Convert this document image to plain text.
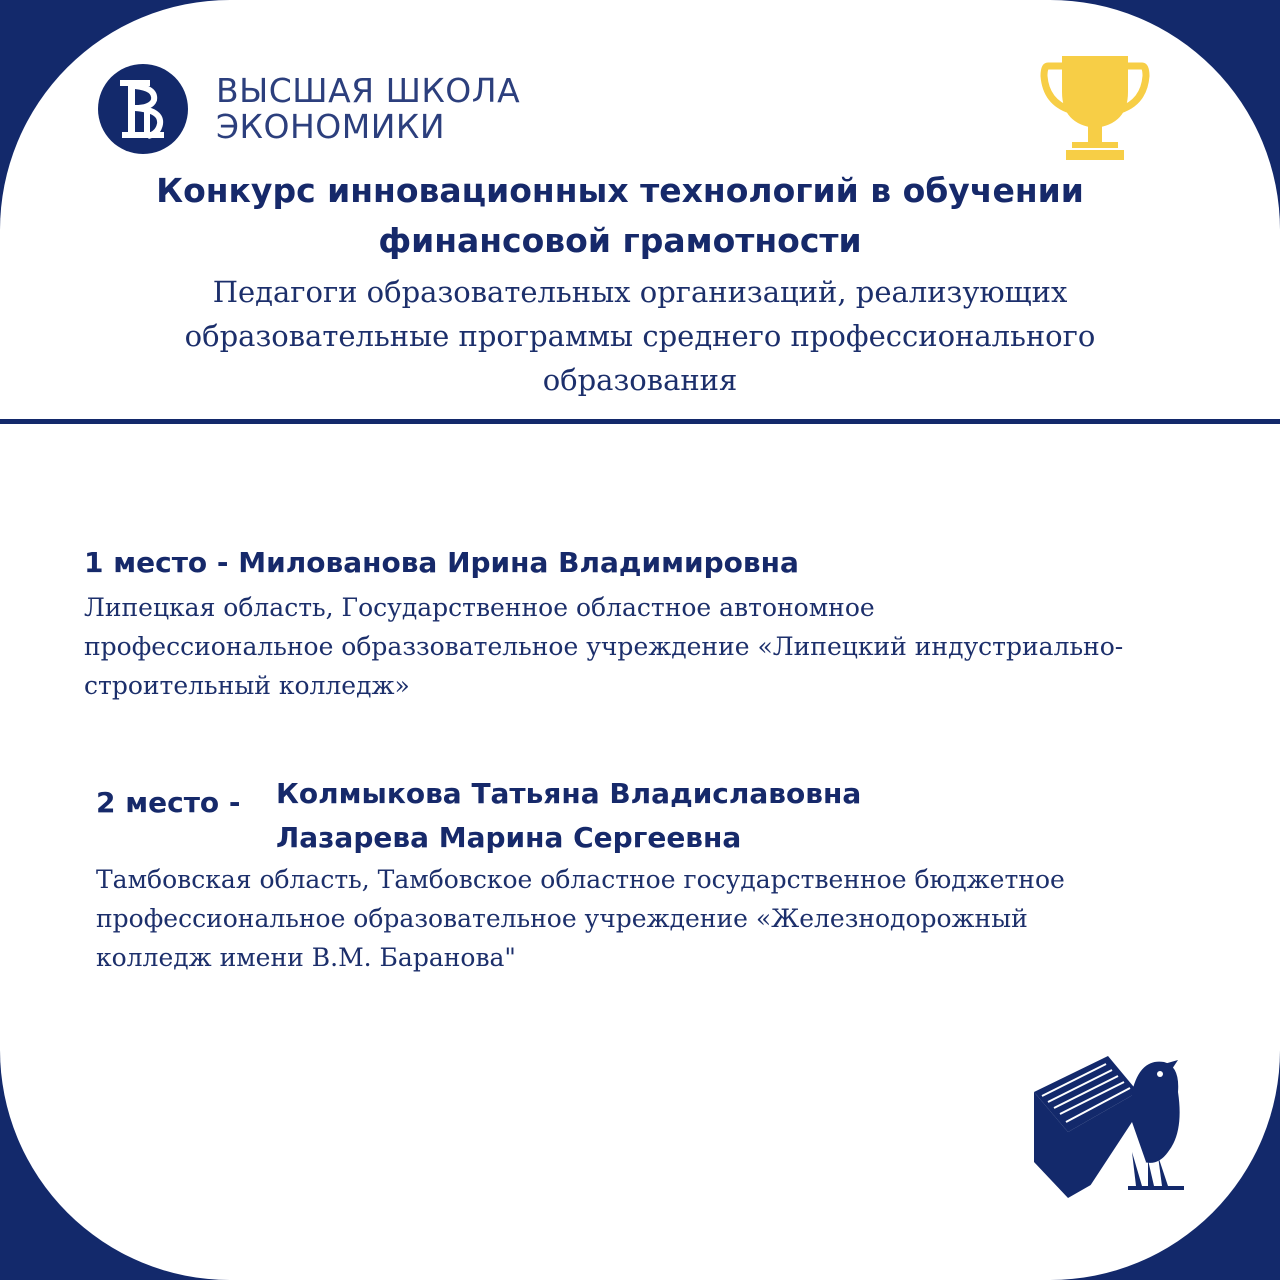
ВЫСШАЯ ШКОЛА
ЭКОНОМИКИ
Конкурс инновационных технологий в обучении
финансовой грамотности
Педагоги образовательных организаций, реализующих
образовательные программы среднего профессионального
образования
1 место - Милованова Ирина Владимировна
Липецкая область, Государственное областное автономное
профессиональное образзовательное учреждение «Липецкий индустриально-
строительный колледж»
2 место - Колмыкова Татьяна Владиславовна
Лазарева Марина Сергеевна
Тамбовская область, Тамбовское областное государственное бюджетное
профессиональное образовательное учреждение «Железнодорожный
колледж имени В.М. Баранова"
